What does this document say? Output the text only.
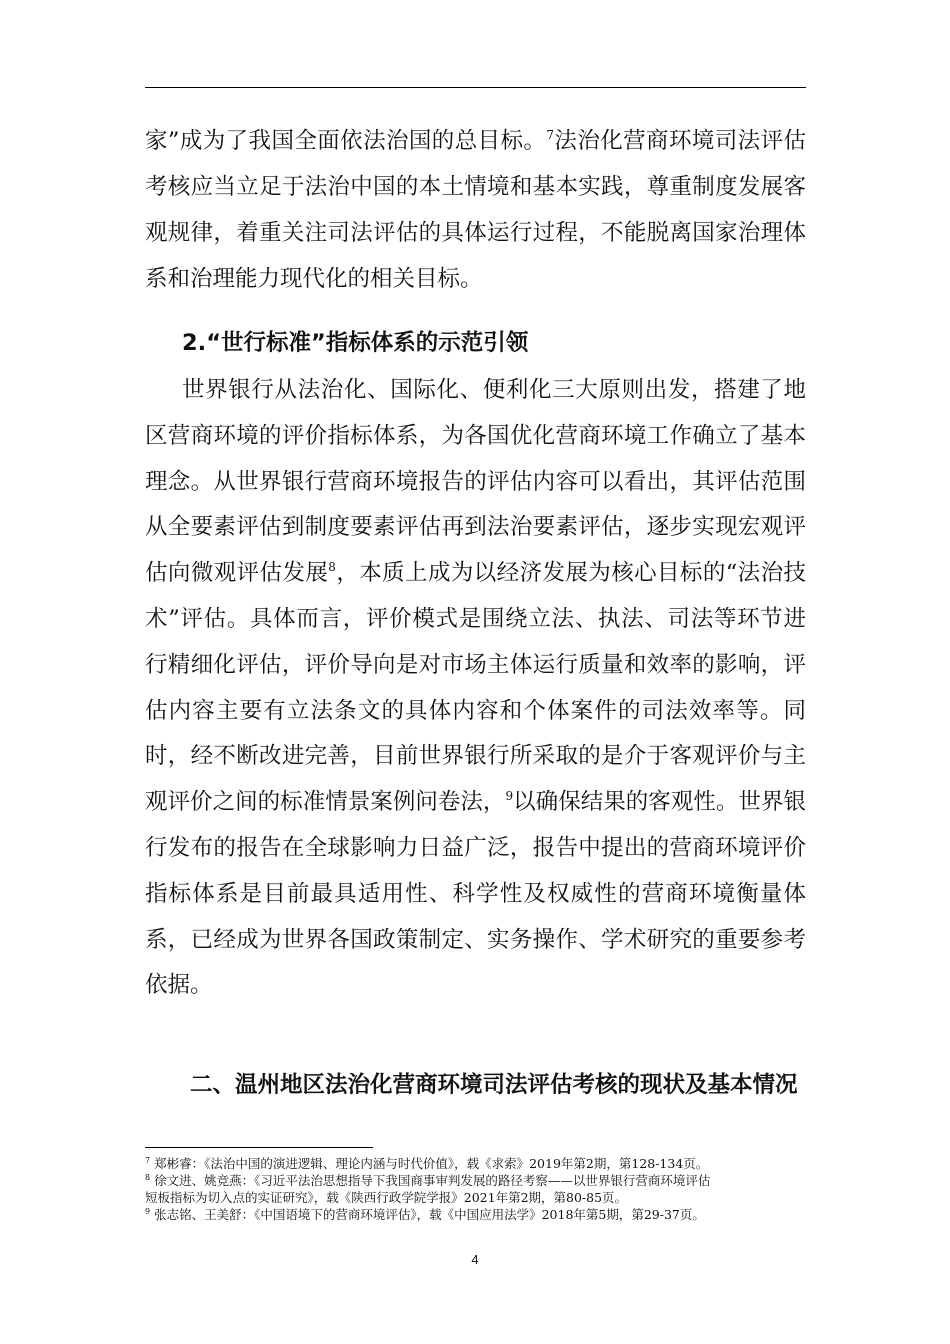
家”成为了我国全面依法治国的总目标。$^7$法治化营商环境司法评估
考核应当立足于法治中国的本土情境和基本实践，尊重制度发展客
观规律，着重关注司法评估的具体运行过程，不能脱离国家治理体
系和治理能力现代化的相关目标。
2.“世行标准”指标体系的示范引领
世界银行从法治化、国际化、便利化三大原则出发，搭建了地
区营商环境的评价指标体系，为各国优化营商环境工作确立了基本
理念。从世界银行营商环境报告的评估内容可以看出，其评估范围
从全要素评估到制度要素评估再到法治要素评估，逐步实现宏观评
估向微观评估发展$^8$，本质上成为以经济发展为核心目标的“法治技
术”评估。具体而言，评价模式是围绕立法、执法、司法等环节进
行精细化评估，评价导向是对市场主体运行质量和效率的影响，评
估内容主要有立法条文的具体内容和个体案件的司法效率等。同
时，经不断改进完善，目前世界银行所采取的是介于客观评价与主
观评价之间的标准情景案例问卷法，$^9$以确保结果的客观性。世界银
行发布的报告在全球影响力日益广泛，报告中提出的营商环境评价
指标体系是目前最具适用性、科学性及权威性的营商环境衡量体
系，已经成为世界各国政策制定、实务操作、学术研究的重要参考
依据。
二、温州地区法治化营商环境司法评估考核的现状及基本情况
$^7$ 郑彬睿：《法治中国的演进逻辑、理论内涵与时代价值》，载《求索》2019年第2期，第128-134页。
$^8$ 徐文进、姚竞燕：《习近平法治思想指导下我国商事审判发展的路径考察——以世界银行营商环境评估
短板指标为切入点的实证研究》，载《陕西行政学院学报》2021年第2期，第80-85页。
$^9$ 张志铭、王美舒：《中国语境下的营商环境评估》，载《中国应用法学》2018年第5期，第29-37页。
4
